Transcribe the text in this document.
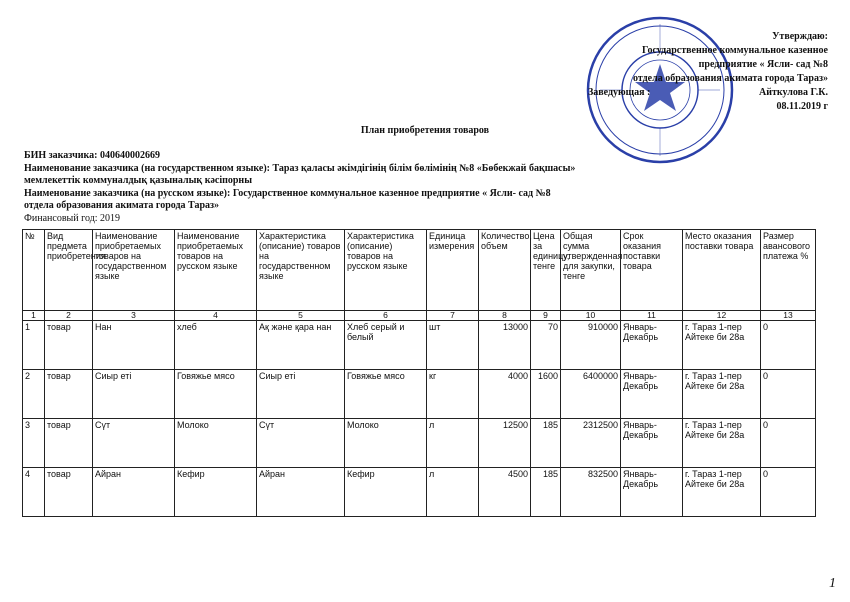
Утверждаю:
Государственное коммунальное казенное
предприятие « Ясли- сад №8
отдела образования акимата города Тараз»
Заведующая :	Айткулова Г.К.
08.11.2019 г
План приобретения товаров
БИН заказчика: 040640002669
Наименование заказчика (на государственном языке): Тараз қаласы әкімдігінің білім бөлімінің №8 «Бөбекжай бақшасы»
мемлекеттік коммуналдық қазыналық кәсіпорны
Наименование заказчика (на русском языке): Государственное коммунальное казенное предприятие « Ясли- сад №8
отдела образования акимата города Тараз»
Финансовый год: 2019
№	Вид предмета приобретения	Наименование приобретаемых товаров на государственном языке	Наименование приобретаемых товаров на русском языке	Характеристика (описание) товаров на государственном языке	Характеристика (описание) товаров на русском языке	Единица измерения	Количество, объем	Цена за единицу, тенге	Общая сумма утвержденная для закупки, тенге	Срок оказания поставки товара	Место оказания поставки товара	Размер авансового платежа %
1	2	3	4	5	6	7	8	9	10	11	12	13
1	товар	Нан	хлеб	Ақ және қара нан	Хлеб серый и белый	шт	13000	70	910000	Январь-Декабрь	г. Тараз 1-пер Айтеке би 28а	0
2	товар	Сиыр еті	Говяжье мясо	Сиыр еті	Говяжье мясо	кг	4000	1600	6400000	Январь-Декабрь	г. Тараз 1-пер Айтеке би 28а	0
3	товар	Сүт	Молоко	Сүт	Молоко	л	12500	185	2312500	Январь-Декабрь	г. Тараз 1-пер Айтеке би 28а	0
4	товар	Айран	Кефир	Айран	Кефир	л	4500	185	832500	Январь-Декабрь	г. Тараз 1-пер Айтеке би 28а	0
1
